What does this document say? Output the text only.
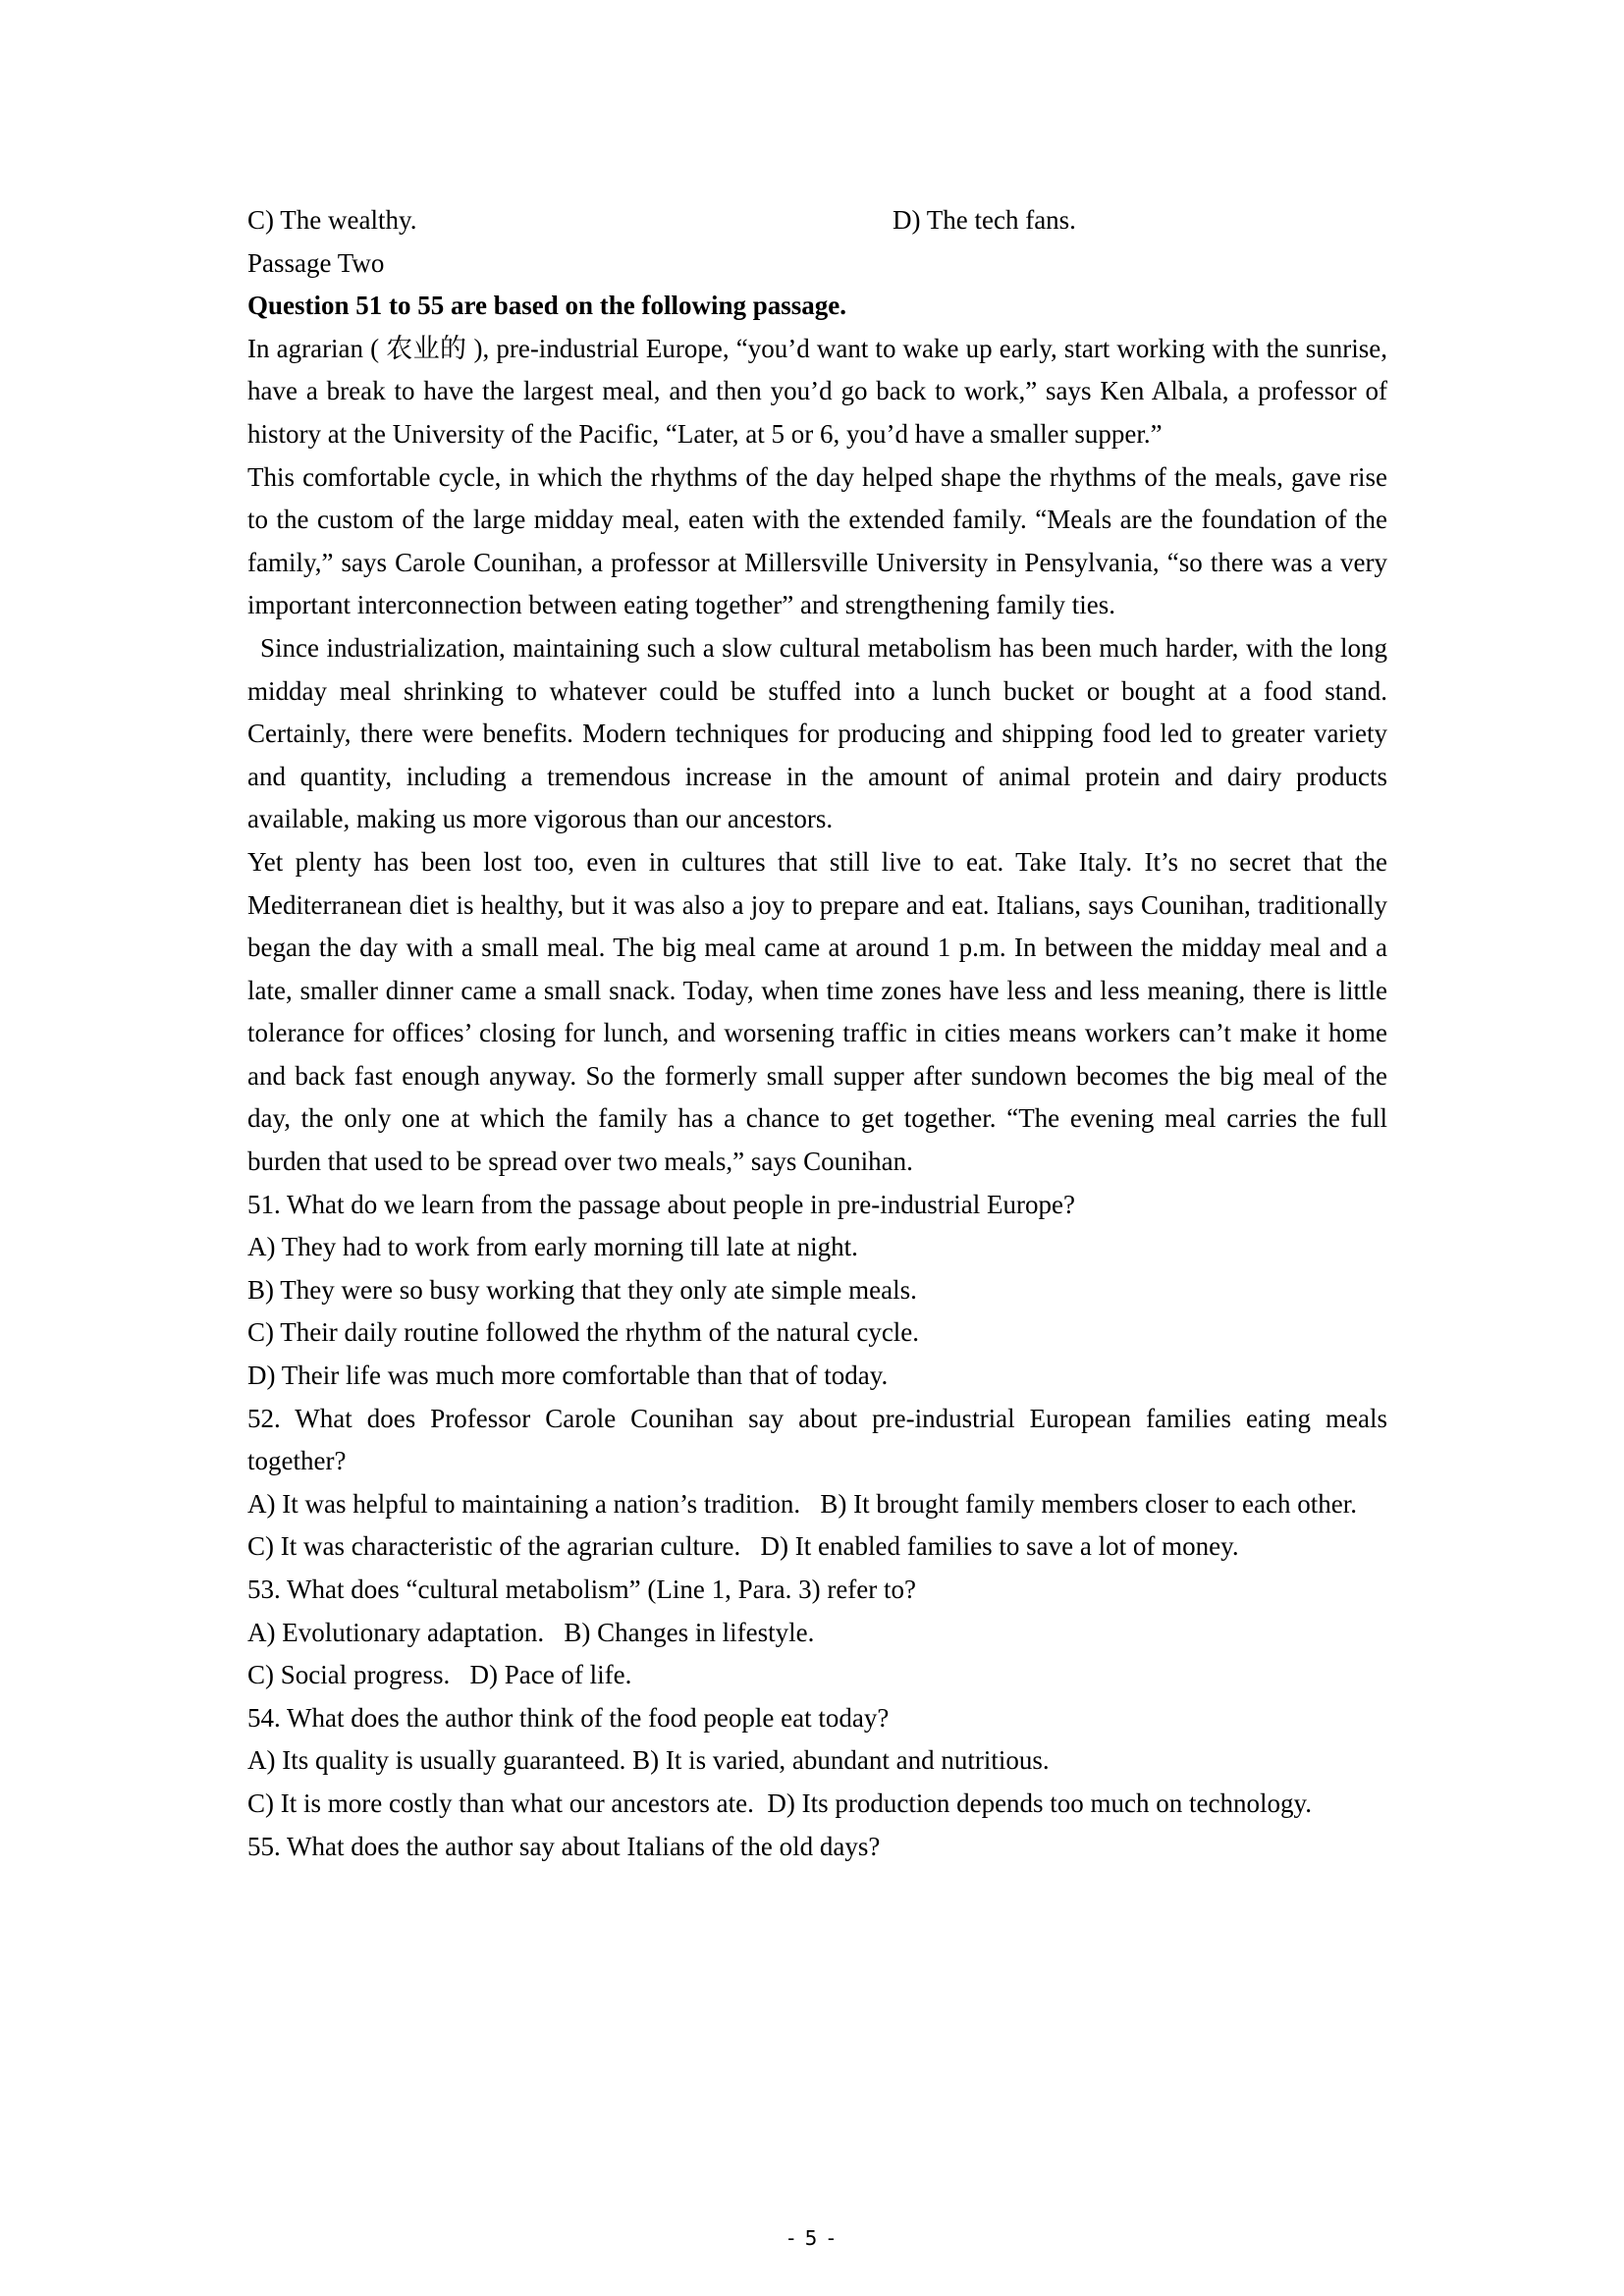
C) The wealthy.	D) The tech fans.
Passage Two
Question 51 to 55 are based on the following passage.

In agrarian ( 农业的 ), pre-industrial Europe, “you’d want to wake up early, start working with the sunrise, have a break to have the largest meal, and then you’d go back to work,” says Ken Albala, a professor of history at the University of the Pacific, “Later, at 5 or 6, you’d have a smaller supper.”

This comfortable cycle, in which the rhythms of the day helped shape the rhythms of the meals, gave rise to the custom of the large midday meal, eaten with the extended family. “Meals are the foundation of the family,” says Carole Counihan, a professor at Millersville University in Pensylvania, “so there was a very important interconnection between eating together” and strengthening family ties.

Since industrialization, maintaining such a slow cultural metabolism has been much harder, with the long midday meal shrinking to whatever could be stuffed into a lunch bucket or bought at a food stand. Certainly, there were benefits. Modern techniques for producing and shipping food led to greater variety and quantity, including a tremendous increase in the amount of animal protein and dairy products available, making us more vigorous than our ancestors.

Yet plenty has been lost too, even in cultures that still live to eat. Take Italy. It’s no secret that the Mediterranean diet is healthy, but it was also a joy to prepare and eat. Italians, says Counihan, traditionally began the day with a small meal. The big meal came at around 1 p.m. In between the midday meal and a late, smaller dinner came a small snack. Today, when time zones have less and less meaning, there is little tolerance for offices’ closing for lunch, and worsening traffic in cities means workers can’t make it home and back fast enough anyway. So the formerly small supper after sundown becomes the big meal of the day, the only one at which the family has a chance to get together. “The evening meal carries the full burden that used to be spread over two meals,” says Counihan.

51. What do we learn from the passage about people in pre-industrial Europe?

A) They had to work from early morning till late at night.

B) They were so busy working that they only ate simple meals.

C) Their daily routine followed the rhythm of the natural cycle.

D) Their life was much more comfortable than that of today.

52. What does Professor Carole Counihan say about pre-industrial European families eating meals together?

A) It was helpful to maintaining a nation’s tradition.   B) It brought family members closer to each other.

C) It was characteristic of the agrarian culture.   D) It enabled families to save a lot of money.

53. What does “cultural metabolism” (Line 1, Para. 3) refer to?

A) Evolutionary adaptation.   B) Changes in lifestyle.

C) Social progress.   D) Pace of life.

54. What does the author think of the food people eat today?

A) Its quality is usually guaranteed. B) It is varied, abundant and nutritious.

C) It is more costly than what our ancestors ate.  D) Its production depends too much on technology.

55. What does the author say about Italians of the old days?

- 5 -
